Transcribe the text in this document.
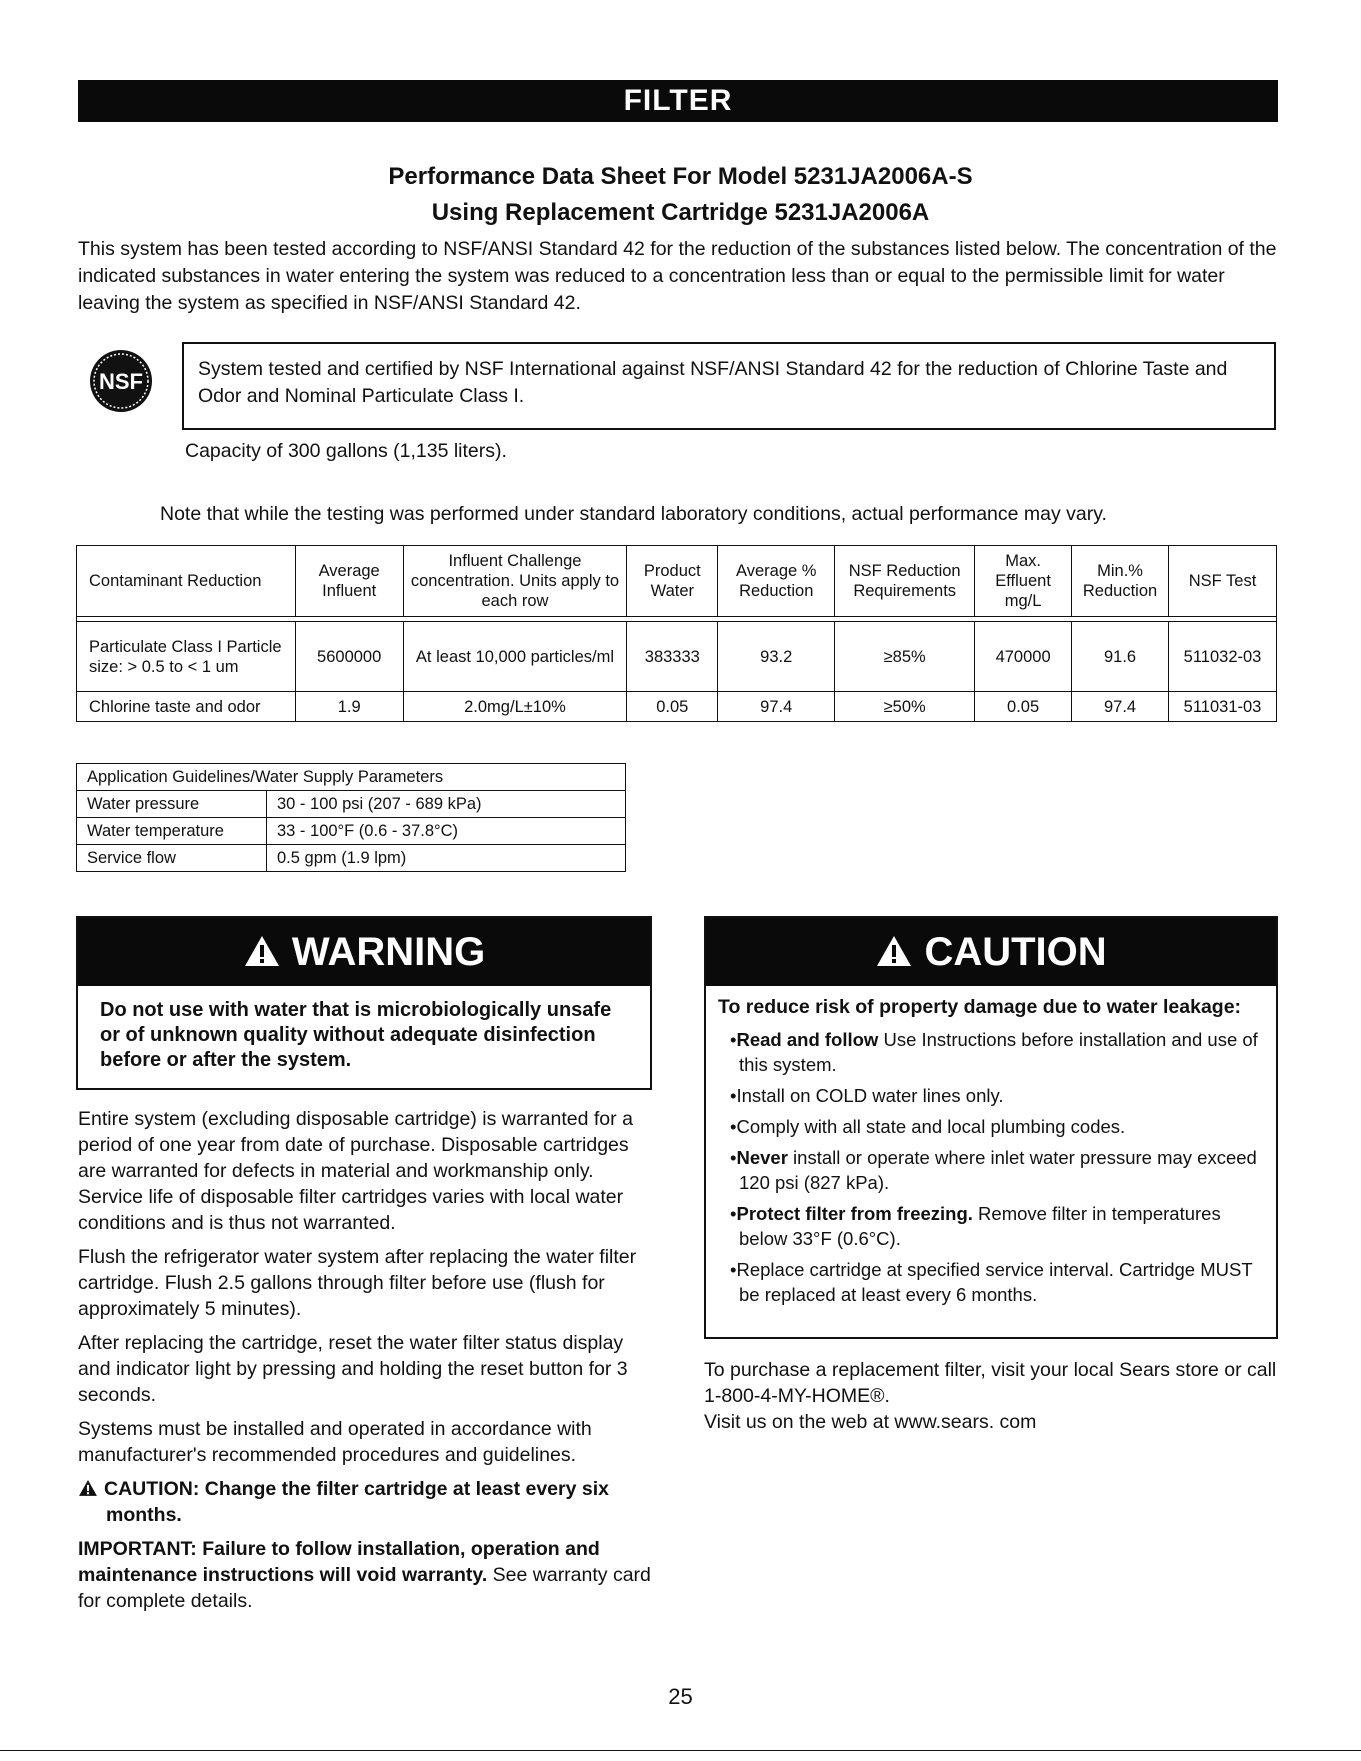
FILTER
Performance Data Sheet For Model 5231JA2006A-S
Using Replacement Cartridge 5231JA2006A
This system has been tested according to NSF/ANSI Standard 42 for the reduction of the substances listed below. The concentration of the indicated substances in water entering the system was reduced to a concentration less than or equal to the permissible limit for water leaving the system as specified in NSF/ANSI Standard 42.
NSF	System tested and certified by NSF International against NSF/ANSI Standard 42 for the reduction of Chlorine Taste and Odor and Nominal Particulate Class I.
Capacity of 300 gallons (1,135 liters).
Note that while the testing was performed under standard laboratory conditions, actual performance may vary.
Contaminant Reduction	Average Influent	Influent Challenge concentration. Units apply to each row	Product Water	Average % Reduction	NSF Reduction Requirements	Max. Effluent mg/L	Min.% Reduction	NSF Test

Particulate Class I Particle size: > 0.5 to < 1 um	5600000	At least 10,000 particles/ml	383333	93.2	≥85%	470000	91.6	511032-03
Chlorine taste and odor	1.9	2.0mg/L±10%	0.05	97.4	≥50%	0.05	97.4	511031-03
Application Guidelines/Water Supply Parameters	
Water pressure	30 - 100 psi (207 - 689 kPa)
Water temperature	33 - 100°F (0.6 - 37.8°C)
Service flow	0.5 gpm (1.9 lpm)
WARNING
Do not use with water that is microbiologically unsafe or of unknown quality without adequate disinfection before or after the system.
CAUTION
To reduce risk of property damage due to water leakage:
•Read and follow Use Instructions before installation and use of this system.
•Install on COLD water lines only.
•Comply with all state and local plumbing codes.
•Never install or operate where inlet water pressure may exceed 120 psi (827 kPa).
•Protect filter from freezing. Remove filter in temperatures below 33°F (0.6°C).
•Replace cartridge at specified service interval. Cartridge MUST be replaced at least every 6 months.

Entire system (excluding disposable cartridge) is warranted for a period of one year from date of purchase. Disposable cartridges are warranted for defects in material and workmanship only. Service life of disposable filter cartridges varies with local water conditions and is thus not warranted.

Flush the refrigerator water system after replacing the water filter cartridge. Flush 2.5 gallons through filter before use (flush for approximately 5 minutes).

After replacing the cartridge, reset the water filter status display and indicator light by pressing and holding the reset button for 3 seconds.

Systems must be installed and operated in accordance with manufacturer's recommended procedures and guidelines.

CAUTION: Change the filter cartridge at least every six months.

IMPORTANT: Failure to follow installation, operation and maintenance instructions will void warranty. See warranty card for complete details.

To purchase a replacement filter, visit your local Sears store or call 1-800-4-MY-HOME®.
Visit us on the web at www.sears. com
25
